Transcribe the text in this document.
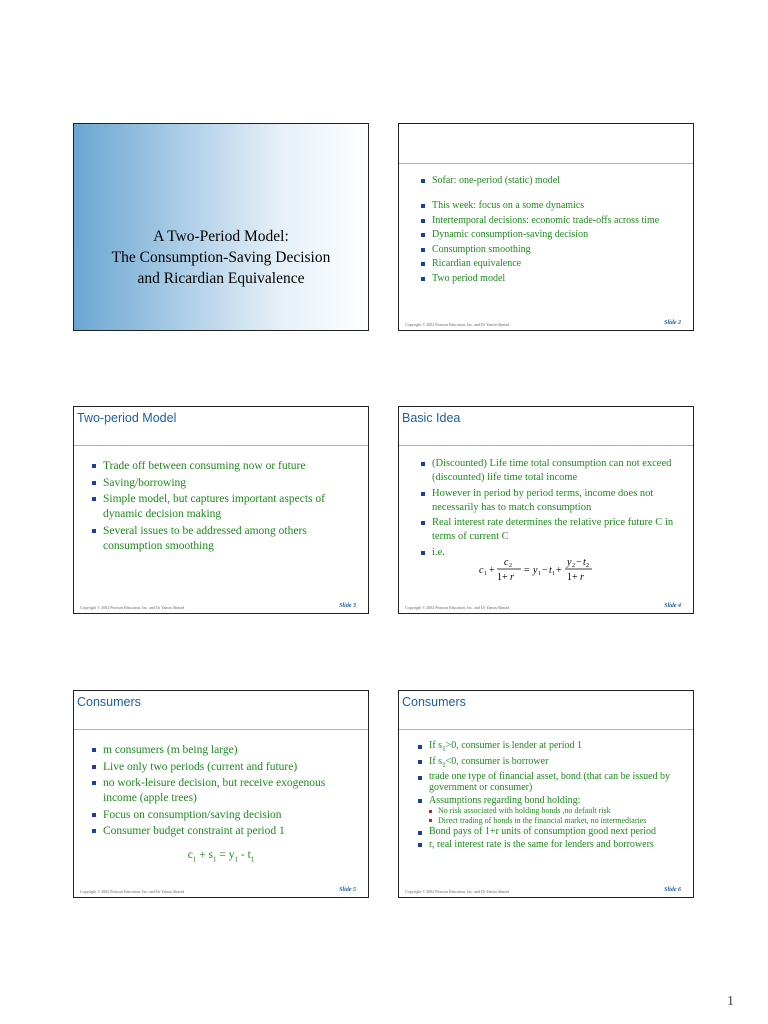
A Two-Period Model:
The Consumption-Saving Decision
and Ricardian Equivalence
Sofar: one-period (static) model
This week: focus on a some dynamics
Intertemporal decisions: economic trade-offs across time
Dynamic consumption-saving decision
Consumption smoothing
Ricardian equivalence
Two period model
Copyright © 2002 Pearson Education, Inc. and Dr Yamin Ahmad	Slide 2
Two-period Model
Trade off between consuming now or future
Saving/borrowing
Simple model, but captures important aspects of dynamic decision making
Several issues to be addressed among others consumption smoothing
Copyright © 2002 Pearson Education, Inc. and Dr Yamin Ahmad	Slide 3
Basic Idea
(Discounted) Life time total consumption can not exceed (discounted) life time total income
However in period by period terms, income does not necessarily has to match consumption
Real interest rate determines the relative price future C in terms of current C
i.e.
c 1 +
c 2
1+ r
= y 1 − t 1 +
y 2 − t 2
1+ r
Copyright © 2002 Pearson Education, Inc. and Dr Yamin Ahmad	Slide 4
Consumers
m consumers (m being large)
Live only two periods (current and future)
no work-leisure decision, but receive exogenous income (apple trees)
Focus on consumption/saving decision
Consumer budget constraint at period 1
$c_1 + s_1 = y_1 - t_1$
Copyright © 2002 Pearson Education, Inc. and Dr Yamin Ahmad	Slide 5
Consumers
If $s_1>0$, consumer is lender at period 1
If $s_1<0$, consumer is borrower
trade one type of financial asset, bond (that can be issued by government or consumer)
Assumptions regarding bond holding:
No risk associated with holding bonds ,no default risk
Direct trading of bonds in the financial market, no intermediaries
Bond pays of 1+r units of consumption good next period
r, real interest rate is the same for lenders and borrowers
Copyright © 2002 Pearson Education, Inc. and Dr Yamin Ahmad	Slide 6
1
